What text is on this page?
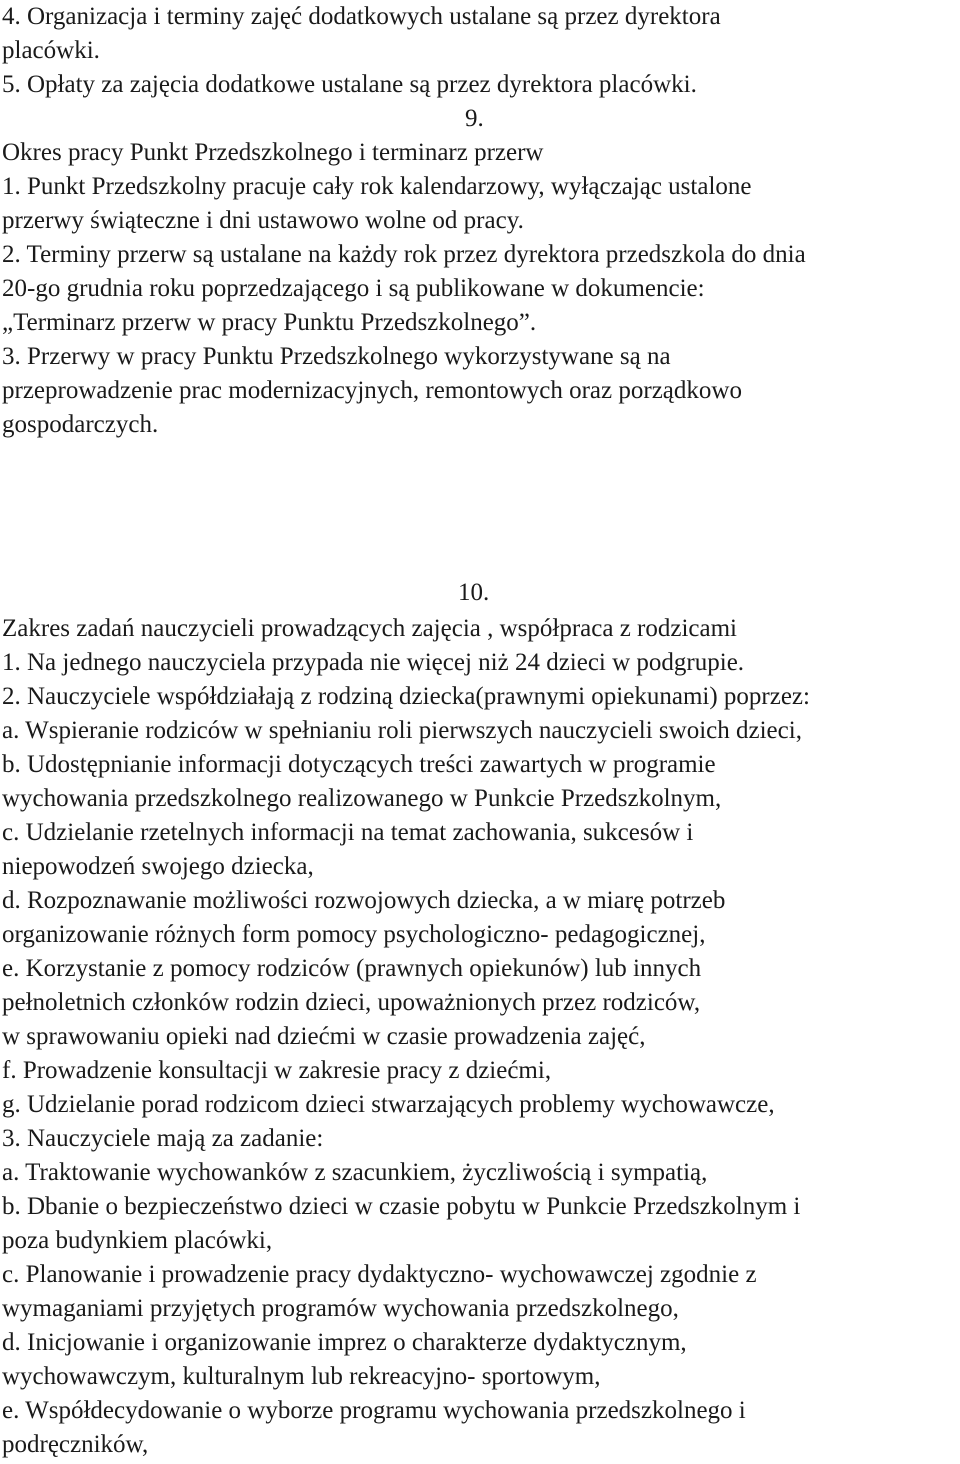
4. Organizacja i terminy zajęć dodatkowych ustalane są przez dyrektora
placówki.
5. Opłaty za zajęcia dodatkowe ustalane są przez dyrektora placówki.
9.
Okres pracy Punkt Przedszkolnego i terminarz przerw
1. Punkt Przedszkolny pracuje cały rok kalendarzowy, wyłączając ustalone
przerwy świąteczne i dni ustawowo wolne od pracy.
2. Terminy przerw są ustalane na każdy rok przez dyrektora przedszkola do dnia
20-go grudnia roku poprzedzającego i są publikowane w dokumencie:
„Terminarz przerw w pracy Punktu Przedszkolnego”.
3. Przerwy w pracy Punktu Przedszkolnego wykorzystywane są na
przeprowadzenie prac modernizacyjnych, remontowych oraz porządkowo
gospodarczych.
10.
Zakres zadań nauczycieli prowadzących zajęcia , współpraca z rodzicami
1. Na jednego nauczyciela przypada nie więcej niż 24 dzieci w podgrupie.
2. Nauczyciele współdziałają z rodziną dziecka(prawnymi opiekunami) poprzez:
a. Wspieranie rodziców w spełnianiu roli pierwszych nauczycieli swoich dzieci,
b. Udostępnianie informacji dotyczących treści zawartych w programie
wychowania przedszkolnego realizowanego w Punkcie Przedszkolnym,
c. Udzielanie rzetelnych informacji na temat zachowania, sukcesów i
niepowodzeń swojego dziecka,
d. Rozpoznawanie możliwości rozwojowych dziecka, a w miarę potrzeb
organizowanie różnych form pomocy psychologiczno- pedagogicznej,
e. Korzystanie z pomocy rodziców (prawnych opiekunów) lub innych
pełnoletnich członków rodzin dzieci, upoważnionych przez rodziców,
w sprawowaniu opieki nad dziećmi w czasie prowadzenia zajęć,
f. Prowadzenie konsultacji w zakresie pracy z dziećmi,
g. Udzielanie porad rodzicom dzieci stwarzających problemy wychowawcze,
3. Nauczyciele mają za zadanie:
a. Traktowanie wychowanków z szacunkiem, życzliwością i sympatią,
b. Dbanie o bezpieczeństwo dzieci w czasie pobytu w Punkcie Przedszkolnym i
poza budynkiem placówki,
c. Planowanie i prowadzenie pracy dydaktyczno- wychowawczej zgodnie z
wymaganiami przyjętych programów wychowania przedszkolnego,
d. Inicjowanie i organizowanie imprez o charakterze dydaktycznym,
wychowawczym, kulturalnym lub rekreacyjno- sportowym,
e. Współdecydowanie o wyborze programu wychowania przedszkolnego i
podręczników,
